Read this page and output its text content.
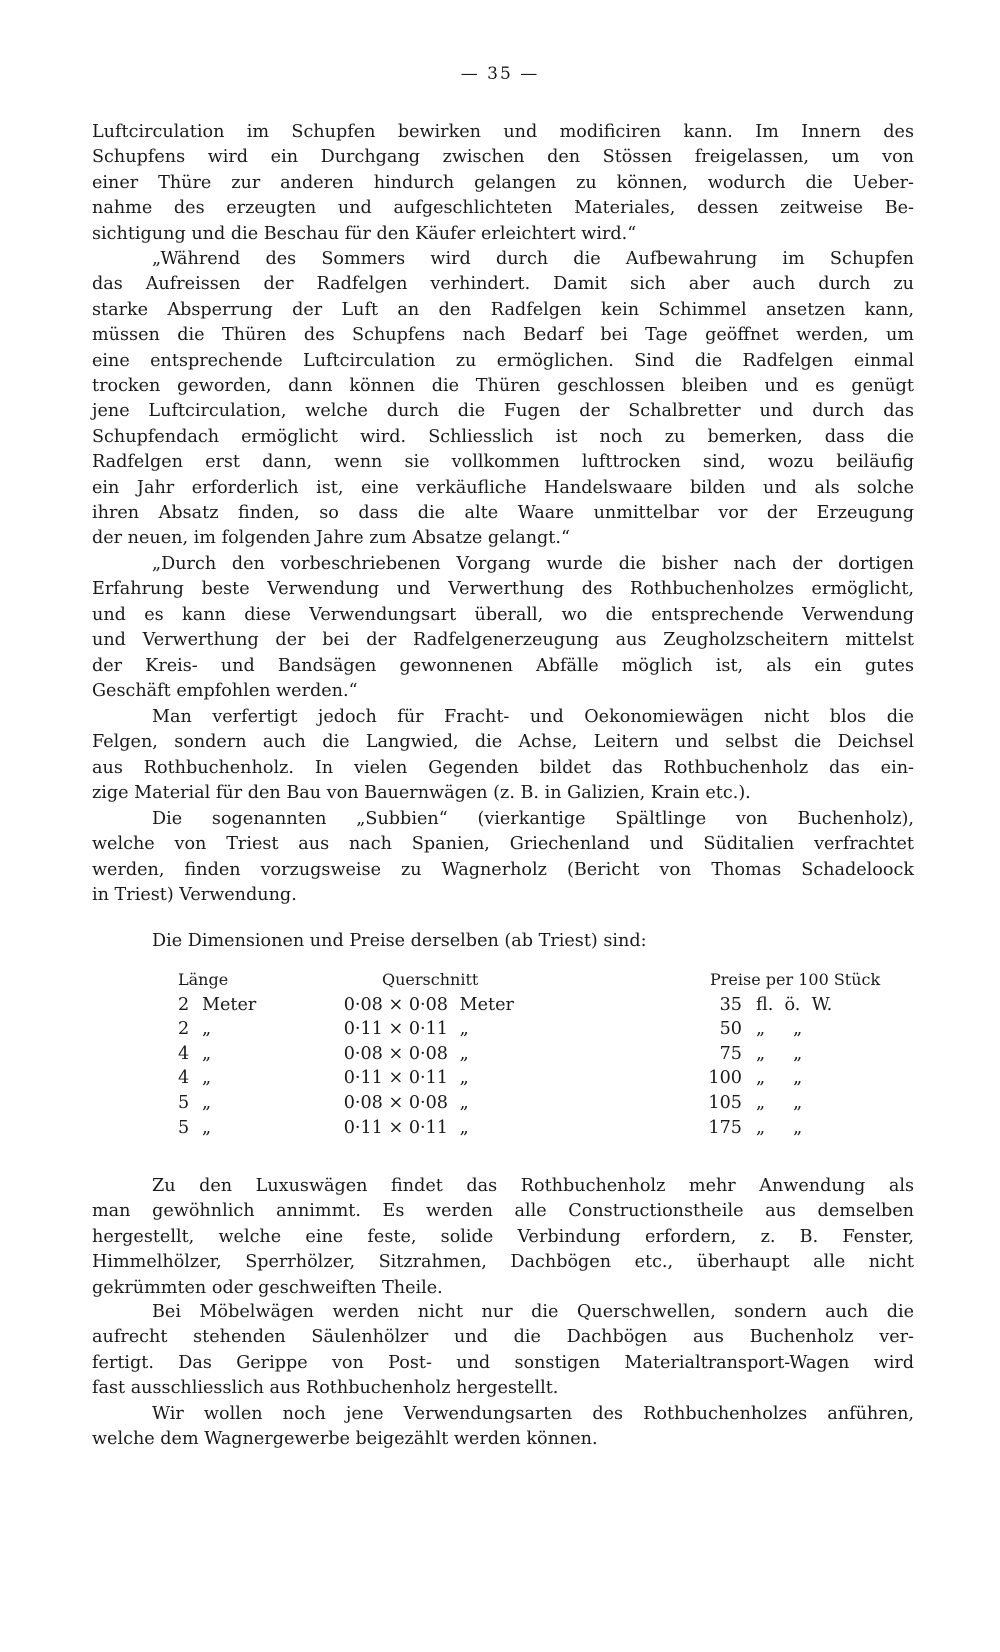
— 35 —
Luftcirculation im Schupfen bewirken und modificiren kann. Im Innern des
Schupfens wird ein Durchgang zwischen den Stössen freigelassen, um von
einer Thüre zur anderen hindurch gelangen zu können, wodurch die Ueber-
nahme des erzeugten und aufgeschlichteten Materiales, dessen zeitweise Be-
sichtigung und die Beschau für den Käufer erleichtert wird.“
„Während des Sommers wird durch die Aufbewahrung im Schupfen
das Aufreissen der Radfelgen verhindert. Damit sich aber auch durch zu
starke Absperrung der Luft an den Radfelgen kein Schimmel ansetzen kann,
müssen die Thüren des Schupfens nach Bedarf bei Tage geöffnet werden, um
eine entsprechende Luftcirculation zu ermöglichen. Sind die Radfelgen einmal
trocken geworden, dann können die Thüren geschlossen bleiben und es genügt
jene Luftcirculation, welche durch die Fugen der Schalbretter und durch das
Schupfendach ermöglicht wird. Schliesslich ist noch zu bemerken, dass die
Radfelgen erst dann, wenn sie vollkommen lufttrocken sind, wozu beiläufig
ein Jahr erforderlich ist, eine verkäufliche Handelswaare bilden und als solche
ihren Absatz finden, so dass die alte Waare unmittelbar vor der Erzeugung
der neuen, im folgenden Jahre zum Absatze gelangt.“
„Durch den vorbeschriebenen Vorgang wurde die bisher nach der dortigen
Erfahrung beste Verwendung und Verwerthung des Rothbuchenholzes ermöglicht,
und es kann diese Verwendungsart überall, wo die entsprechende Verwendung
und Verwerthung der bei der Radfelgenerzeugung aus Zeugholzscheitern mittelst
der Kreis- und Bandsägen gewonnenen Abfälle möglich ist, als ein gutes
Geschäft empfohlen werden.“
Man verfertigt jedoch für Fracht- und Oekonomiewägen nicht blos die
Felgen, sondern auch die Langwied, die Achse, Leitern und selbst die Deichsel
aus Rothbuchenholz. In vielen Gegenden bildet das Rothbuchenholz das ein-
zige Material für den Bau von Bauernwägen (z. B. in Galizien, Krain etc.).
Die sogenannten „Subbien“ (vierkantige Spältlinge von Buchenholz),
welche von Triest aus nach Spanien, Griechenland und Süditalien verfrachtet
werden, finden vorzugsweise zu Wagnerholz (Bericht von Thomas Schadeloock
in Triest) Verwendung.
Die Dimensionen und Preise derselben (ab Triest) sind:
Länge	Querschnitt	Preise per 100 Stück
2 Meter	0·08 × 0·08 Meter	35 fl.  ö.  W.
2 „	0·11 × 0·11 „	50 „     „
4 „	0·08 × 0·08 „	75 „     „
4 „	0·11 × 0·11 „	100 „     „
5 „	0·08 × 0·08 „	105 „     „
5 „	0·11 × 0·11 „	175 „     „
Zu den Luxuswägen findet das Rothbuchenholz mehr Anwendung als
man gewöhnlich annimmt. Es werden alle Constructionstheile aus demselben
hergestellt, welche eine feste, solide Verbindung erfordern, z. B. Fenster,
Himmelhölzer, Sperrhölzer, Sitzrahmen, Dachbögen etc., überhaupt alle nicht
gekrümmten oder geschweiften Theile.
Bei Möbelwägen werden nicht nur die Querschwellen, sondern auch die
aufrecht stehenden Säulenhölzer und die Dachbögen aus Buchenholz ver-
fertigt. Das Gerippe von Post- und sonstigen Materialtransport-Wagen wird
fast ausschliesslich aus Rothbuchenholz hergestellt.
Wir wollen noch jene Verwendungsarten des Rothbuchenholzes anführen,
welche dem Wagnergewerbe beigezählt werden können.
